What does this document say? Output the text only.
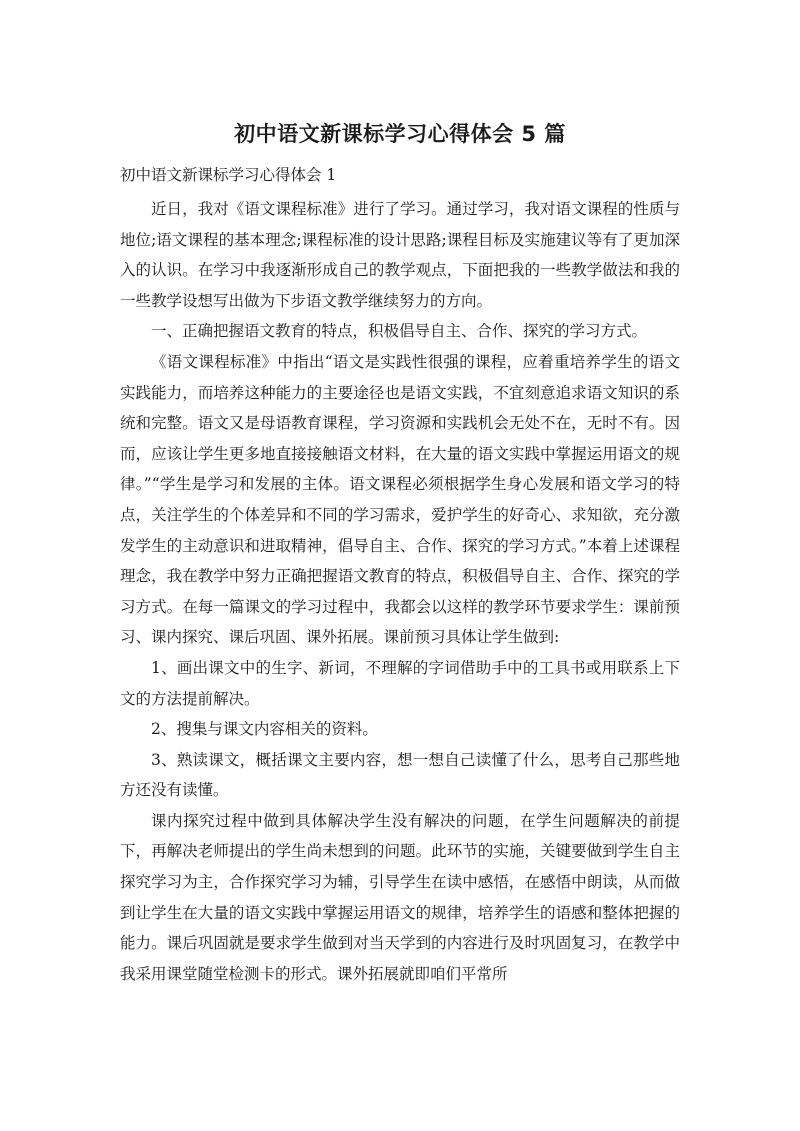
初中语文新课标学习心得体会 5 篇
初中语文新课标学习心得体会 1

近日，我对《语文课程标准》进行了学习。通过学习，我对语文课程的性质与地位;语文课程的基本理念;课程标准的设计思路;课程目标及实施建议等有了更加深入的认识。在学习中我逐渐形成自己的教学观点，下面把我的一些教学做法和我的一些教学设想写出做为下步语文教学继续努力的方向。

一、正确把握语文教育的特点，积极倡导自主、合作、探究的学习方式。

《语文课程标准》中指出“语文是实践性很强的课程，应着重培养学生的语文实践能力，而培养这种能力的主要途径也是语文实践，不宜刻意追求语文知识的系统和完整。语文又是母语教育课程，学习资源和实践机会无处不在，无时不有。因而，应该让学生更多地直接接触语文材料，在大量的语文实践中掌握运用语文的规律。”“学生是学习和发展的主体。语文课程必须根据学生身心发展和语文学习的特点，关注学生的个体差异和不同的学习需求，爱护学生的好奇心、求知欲，充分激发学生的主动意识和进取精神，倡导自主、合作、探究的学习方式。”本着上述课程理念，我在教学中努力正确把握语文教育的特点，积极倡导自主、合作、探究的学习方式。在每一篇课文的学习过程中，我都会以这样的教学环节要求学生：课前预习、课内探究、课后巩固、课外拓展。课前预习具体让学生做到:

1、画出课文中的生字、新词，不理解的字词借助手中的工具书或用联系上下文的方法提前解决。

2、搜集与课文内容相关的资料。

3、熟读课文，概括课文主要内容，想一想自己读懂了什么，思考自己那些地方还没有读懂。

课内探究过程中做到具体解决学生没有解决的问题，在学生问题解决的前提下，再解决老师提出的学生尚未想到的问题。此环节的实施，关键要做到学生自主探究学习为主，合作探究学习为辅，引导学生在读中感悟，在感悟中朗读，从而做到让学生在大量的语文实践中掌握运用语文的规律，培养学生的语感和整体把握的能力。课后巩固就是要求学生做到对当天学到的内容进行及时巩固复习，在教学中我采用课堂随堂检测卡的形式。课外拓展就即咱们平常所
